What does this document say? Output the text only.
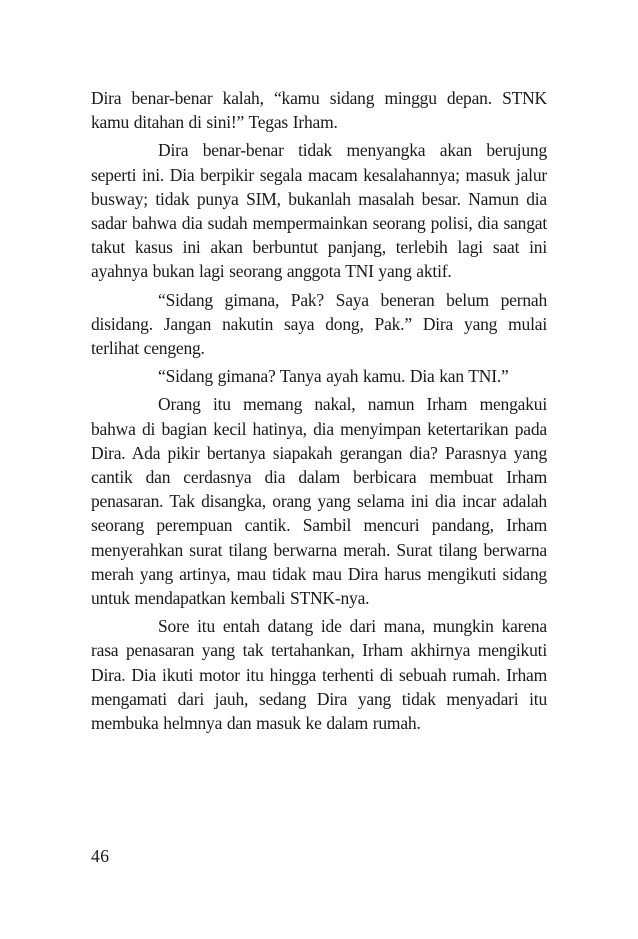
Dira benar-benar kalah, “kamu sidang minggu depan. STNK kamu ditahan di sini!” Tegas Irham.

Dira benar-benar tidak menyangka akan berujung seperti ini. Dia berpikir segala macam kesalahannya; masuk jalur busway; tidak punya SIM, bukanlah masalah besar. Namun dia sadar bahwa dia sudah mempermainkan seorang polisi, dia sangat takut kasus ini akan berbuntut panjang, terlebih lagi saat ini ayahnya bukan lagi seorang anggota TNI yang aktif.

“Sidang gimana, Pak? Saya beneran belum pernah disidang. Jangan nakutin saya dong, Pak.” Dira yang mulai terlihat cengeng.

“Sidang gimana? Tanya ayah kamu. Dia kan TNI.”

Orang itu memang nakal, namun Irham mengakui bahwa di bagian kecil hatinya, dia menyimpan ketertarikan pada Dira. Ada pikir bertanya siapakah gerangan dia? Parasnya yang cantik dan cerdasnya dia dalam berbicara membuat Irham penasaran. Tak disangka, orang yang selama ini dia incar adalah seorang perempuan cantik. Sambil mencuri pandang, Irham menyerahkan surat tilang berwarna merah. Surat tilang berwarna merah yang artinya, mau tidak mau Dira harus mengikuti sidang untuk mendapatkan kembali STNK-nya.

Sore itu entah datang ide dari mana, mungkin karena rasa penasaran yang tak tertahankan, Irham akhirnya mengikuti Dira. Dia ikuti motor itu hingga terhenti di sebuah rumah. Irham mengamati dari jauh, sedang Dira yang tidak menyadari itu membuka helmnya dan masuk ke dalam rumah.

46
